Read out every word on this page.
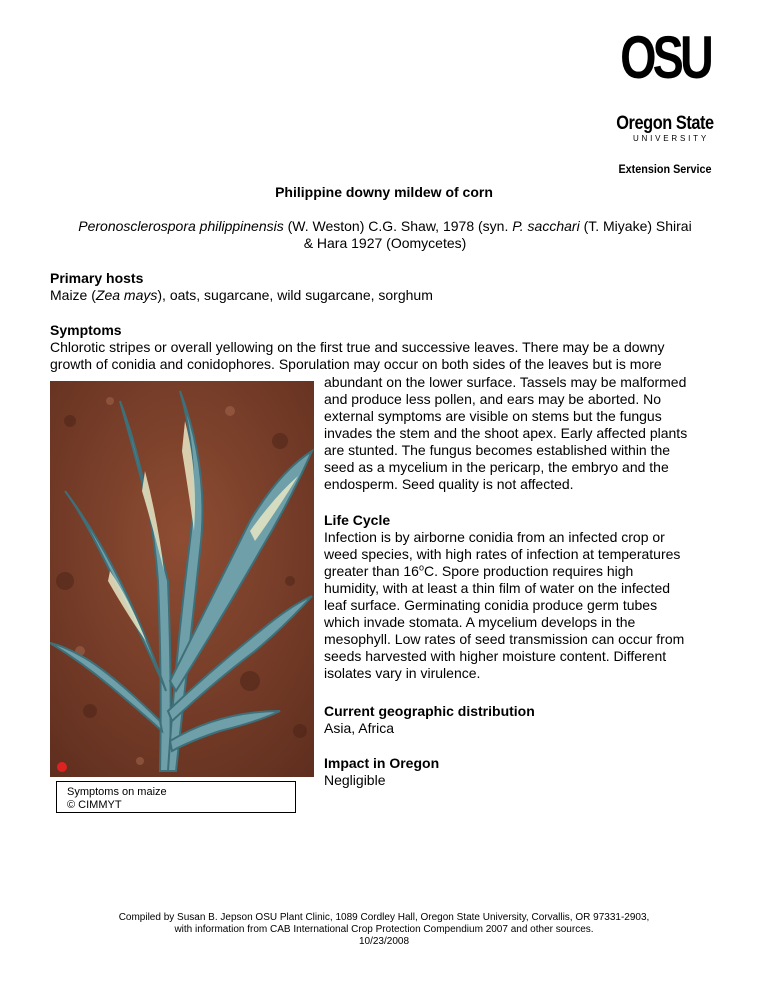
OSU
Oregon State
UNIVERSITY
Extension Service
Philippine downy mildew of corn
Peronosclerospora philippinensis (W. Weston) C.G. Shaw, 1978 (syn. P. sacchari (T. Miyake) Shirai
& Hara 1927 (Oomycetes)
Primary hosts
Maize (Zea mays), oats, sugarcane, wild sugarcane, sorghum
Symptoms
Chlorotic stripes or overall yellowing on the first true and successive leaves. There may be a downy
growth of conidia and conidophores. Sporulation may occur on both sides of the leaves but is more
abundant on the lower surface. Tassels may be malformed
and produce less pollen, and ears may be aborted. No
external symptoms are visible on stems but the fungus
invades the stem and the shoot apex. Early affected plants
are stunted. The fungus becomes established within the
seed as a mycelium in the pericarp, the embryo and the
endosperm. Seed quality is not affected.
Life Cycle
Infection is by airborne conidia from an infected crop or
weed species, with high rates of infection at temperatures
greater than 16$^o$C. Spore production requires high
humidity, with at least a thin film of water on the infected
leaf surface. Germinating conidia produce germ tubes
which invade stomata. A mycelium develops in the
mesophyll. Low rates of seed transmission can occur from
seeds harvested with higher moisture content. Different
isolates vary in virulence.
Current geographic distribution
Asia, Africa
Impact in Oregon
Negligible
Symptoms on maize
© CIMMYT
Compiled by Susan B. Jepson OSU Plant Clinic, 1089 Cordley Hall, Oregon State University, Corvallis, OR 97331-2903,
with information from CAB International Crop Protection Compendium 2007 and other sources.
10/23/2008
